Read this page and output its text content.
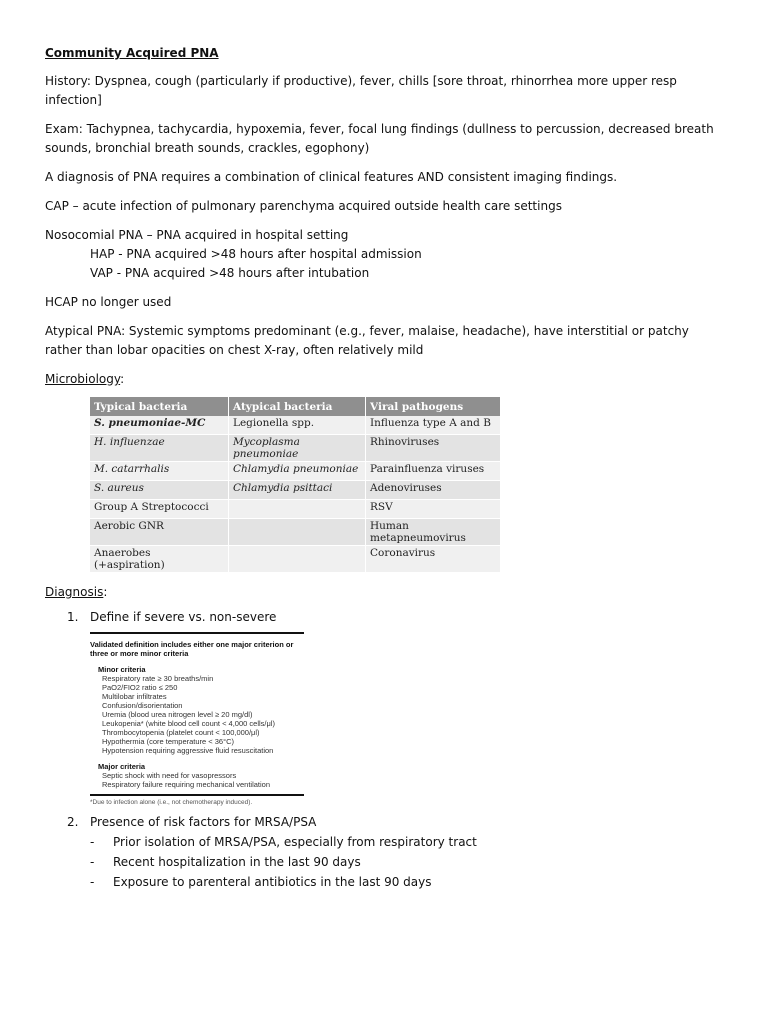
Community Acquired PNA
History: Dyspnea, cough (particularly if productive), fever, chills [sore throat, rhinorrhea more upper resp infection]
Exam: Tachypnea, tachycardia, hypoxemia, fever, focal lung findings (dullness to percussion, decreased breath sounds, bronchial breath sounds, crackles, egophony)
A diagnosis of PNA requires a combination of clinical features AND consistent imaging findings.
CAP – acute infection of pulmonary parenchyma acquired outside health care settings
Nosocomial PNA – PNA acquired in hospital setting
HAP - PNA acquired >48 hours after hospital admission
VAP - PNA acquired >48 hours after intubation
HCAP no longer used
Atypical PNA: Systemic symptoms predominant (e.g., fever, malaise, headache), have interstitial or patchy rather than lobar opacities on chest X-ray, often relatively mild
Microbiology:
Typical bacteria	Atypical bacteria	Viral pathogens
S. pneumoniae-MC	Legionella spp.	Influenza type A and B
H. influenzae	Mycoplasma pneumoniae	Rhinoviruses
M. catarrhalis	Chlamydia pneumoniae	Parainfluenza viruses
S. aureus	Chlamydia psittaci	Adenoviruses
Group A Streptococci		RSV
Aerobic GNR		Human metapneumovirus
Anaerobes (+aspiration)		Coronavirus
Diagnosis:
1. Define if severe vs. non-severe
Validated definition includes either one major criterion or three or more minor criteria
Minor criteria
Respiratory rate ≥ 30 breaths/min
PaO2/FIO2 ratio ≤ 250
Multilobar infiltrates
Confusion/disorientation
Uremia (blood urea nitrogen level ≥ 20 mg/dl)
Leukopenia* (white blood cell count < 4,000 cells/μl)
Thrombocytopenia (platelet count < 100,000/μl)
Hypothermia (core temperature < 36°C)
Hypotension requiring aggressive fluid resuscitation
Major criteria
Septic shock with need for vasopressors
Respiratory failure requiring mechanical ventilation
*Due to infection alone (i.e., not chemotherapy induced).
2. Presence of risk factors for MRSA/PSA
- Prior isolation of MRSA/PSA, especially from respiratory tract
- Recent hospitalization in the last 90 days
- Exposure to parenteral antibiotics in the last 90 days
